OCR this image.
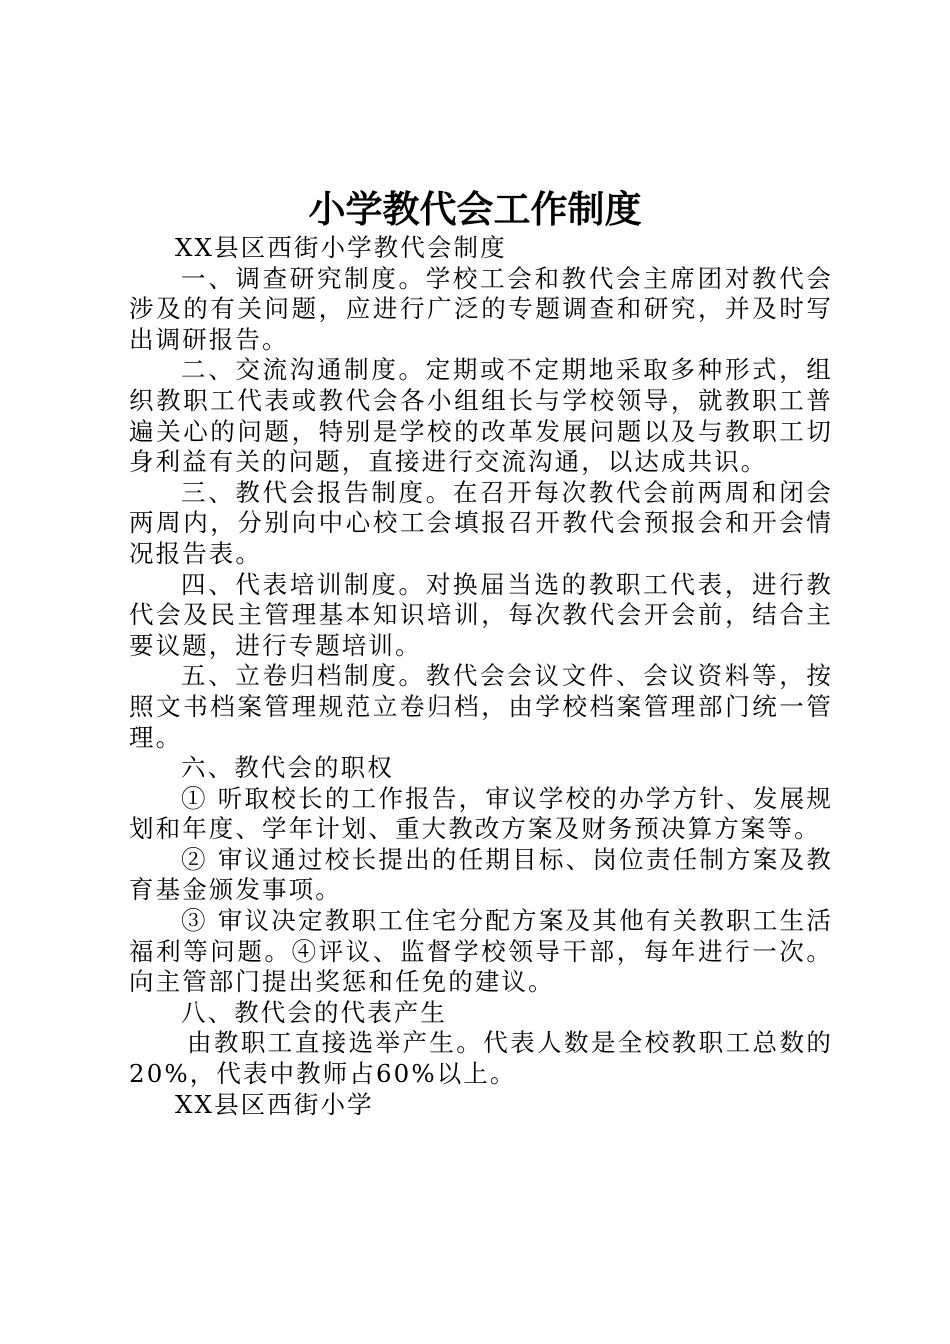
小学教代会工作制度

XX县区西街小学教代会制度

一、调查研究制度。学校工会和教代会主席团对教代会涉及的有关问题，应进行广泛的专题调查和研究，并及时写出调研报告。

二、交流沟通制度。定期或不定期地采取多种形式，组织教职工代表或教代会各小组组长与学校领导，就教职工普遍关心的问题，特别是学校的改革发展问题以及与教职工切身利益有关的问题，直接进行交流沟通，以达成共识。

三、教代会报告制度。在召开每次教代会前两周和闭会两周内，分别向中心校工会填报召开教代会预报会和开会情况报告表。

四、代表培训制度。对换届当选的教职工代表，进行教代会及民主管理基本知识培训，每次教代会开会前，结合主要议题，进行专题培训。

五、立卷归档制度。教代会会议文件、会议资料等，按照文书档案管理规范立卷归档，由学校档案管理部门统一管理。

六、教代会的职权

① 听取校长的工作报告，审议学校的办学方针、发展规划和年度、学年计划、重大教改方案及财务预决算方案等。

② 审议通过校长提出的任期目标、岗位责任制方案及教育基金颁发事项。

③ 审议决定教职工住宅分配方案及其他有关教职工生活福利等问题。④评议、监督学校领导干部，每年进行一次。向主管部门提出奖惩和任免的建议。

八、教代会的代表产生

由教职工直接选举产生。代表人数是全校教职工总数的20%，代表中教师占60%以上。

XX县区西街小学
